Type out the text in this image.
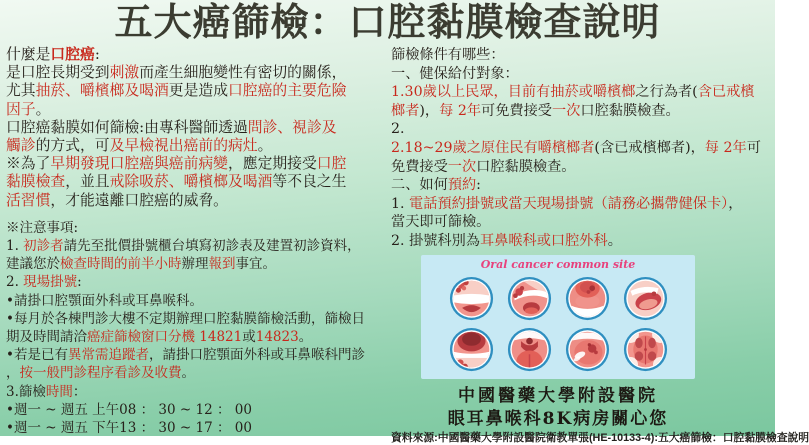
五大癌篩檢：口腔黏膜檢查說明
什麼是口腔癌:
是口腔長期受到刺激而產生細胞變性有密切的關係，
尤其抽菸、嚼檳榔及喝酒更是造成口腔癌的主要危險
因子。
口腔癌黏膜如何篩檢:由專科醫師透過問診、視診及
觸診的方式，可及早檢視出癌前的病灶。
※為了早期發現口腔癌與癌前病變，應定期接受口腔
黏膜檢查，並且戒除吸菸、嚼檳榔及喝酒等不良之生
活習慣，才能遠離口腔癌的威脅。
※注意事項:
1. 初診者請先至批價掛號櫃台填寫初診表及建置初診資料，
建議您於檢查時間的前半小時辦理報到事宜。
2. 現場掛號:
•請掛口腔顎面外科或耳鼻喉科。
•每月於各棟門診大樓不定期辦理口腔黏膜篩檢活動，篩檢日
期及時間請洽癌症篩檢窗口分機 14821或14823。
•若是已有異常需追蹤者，請掛口腔顎面外科或耳鼻喉科門診
，按一般門診程序看診及收費。
3.篩檢時間：
•週一 ~ 週五 上午08 ： 30 ~ 12 ： 00
•週一 ~ 週五 下午13 ： 30 ~ 17 ： 00
篩檢條件有哪些：
一、健保給付對象：
1.30歲以上民眾，目前有抽菸或嚼檳榔之行為者(含已戒檳
榔者)，每 2年可免費接受一次口腔黏膜檢查。
2.
2.18~29歲之原住民有嚼檳榔者(含已戒檳榔者)，每 2年可
免費接受一次口腔黏膜檢查。
二、如何預約:
1. 電話預約掛號或當天現場掛號（請務必攜帶健保卡），
當天即可篩檢。
2. 掛號科別為耳鼻喉科或口腔外科。
Oral cancer common site
中國醫藥大學附設醫院
眼耳鼻喉科8K病房關心您
資料來源:中國醫藥大學附設醫院衛教單張(HE-10133-4):五大癌篩檢：口腔黏膜檢查說明
